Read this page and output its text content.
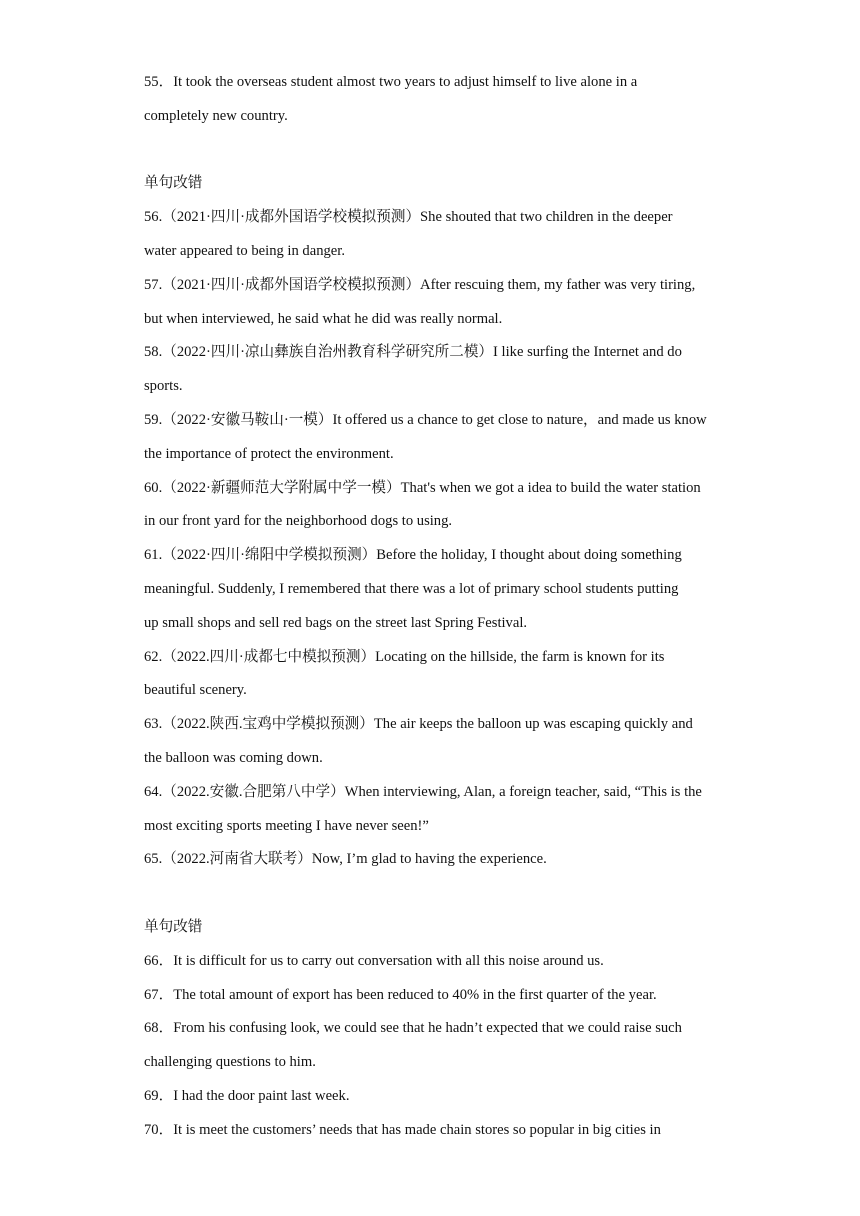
55．It took the overseas student almost two years to adjust himself to live alone in a
completely new country.
单句改错
56.（2021·四川·成都外国语学校模拟预测）She shouted that two children in the deeper
water appeared to being in danger.
57.（2021·四川·成都外国语学校模拟预测）After rescuing them, my father was very tiring,
but when interviewed, he said what he did was really normal.
58.（2022·四川·凉山彝族自治州教育科学研究所二模）I like surfing the Internet and do
sports.
59.（2022·安徽马鞍山·一模）It offered us a chance to get close to nature，and made us know
the importance of protect the environment.
60.（2022·新疆师范大学附属中学一模）That's when we got a idea to build the water station
in our front yard for the neighborhood dogs to using.
61.（2022·四川·绵阳中学模拟预测）Before the holiday, I thought about doing something
meaningful. Suddenly, I remembered that there was a lot of primary school students putting
up small shops and sell red bags on the street last Spring Festival.
62.（2022.四川·成都七中模拟预测）Locating on the hillside, the farm is known for its
beautiful scenery.
63.（2022.陕西.宝鸡中学模拟预测）The air keeps the balloon up was escaping quickly and
the balloon was coming down.
64.（2022.安徽.合肥第八中学）When interviewing, Alan, a foreign teacher, said, “This is the
most exciting sports meeting I have never seen!”
65.（2022.河南省大联考）Now, I’m glad to having the experience.
单句改错
66．It is difficult for us to carry out conversation with all this noise around us.
67．The total amount of export has been reduced to 40% in the first quarter of the year.
68．From his confusing look, we could see that he hadn’t expected that we could raise such
challenging questions to him.
69．I had the door paint last week.
70．It is meet the customers’ needs that has made chain stores so popular in big cities in
